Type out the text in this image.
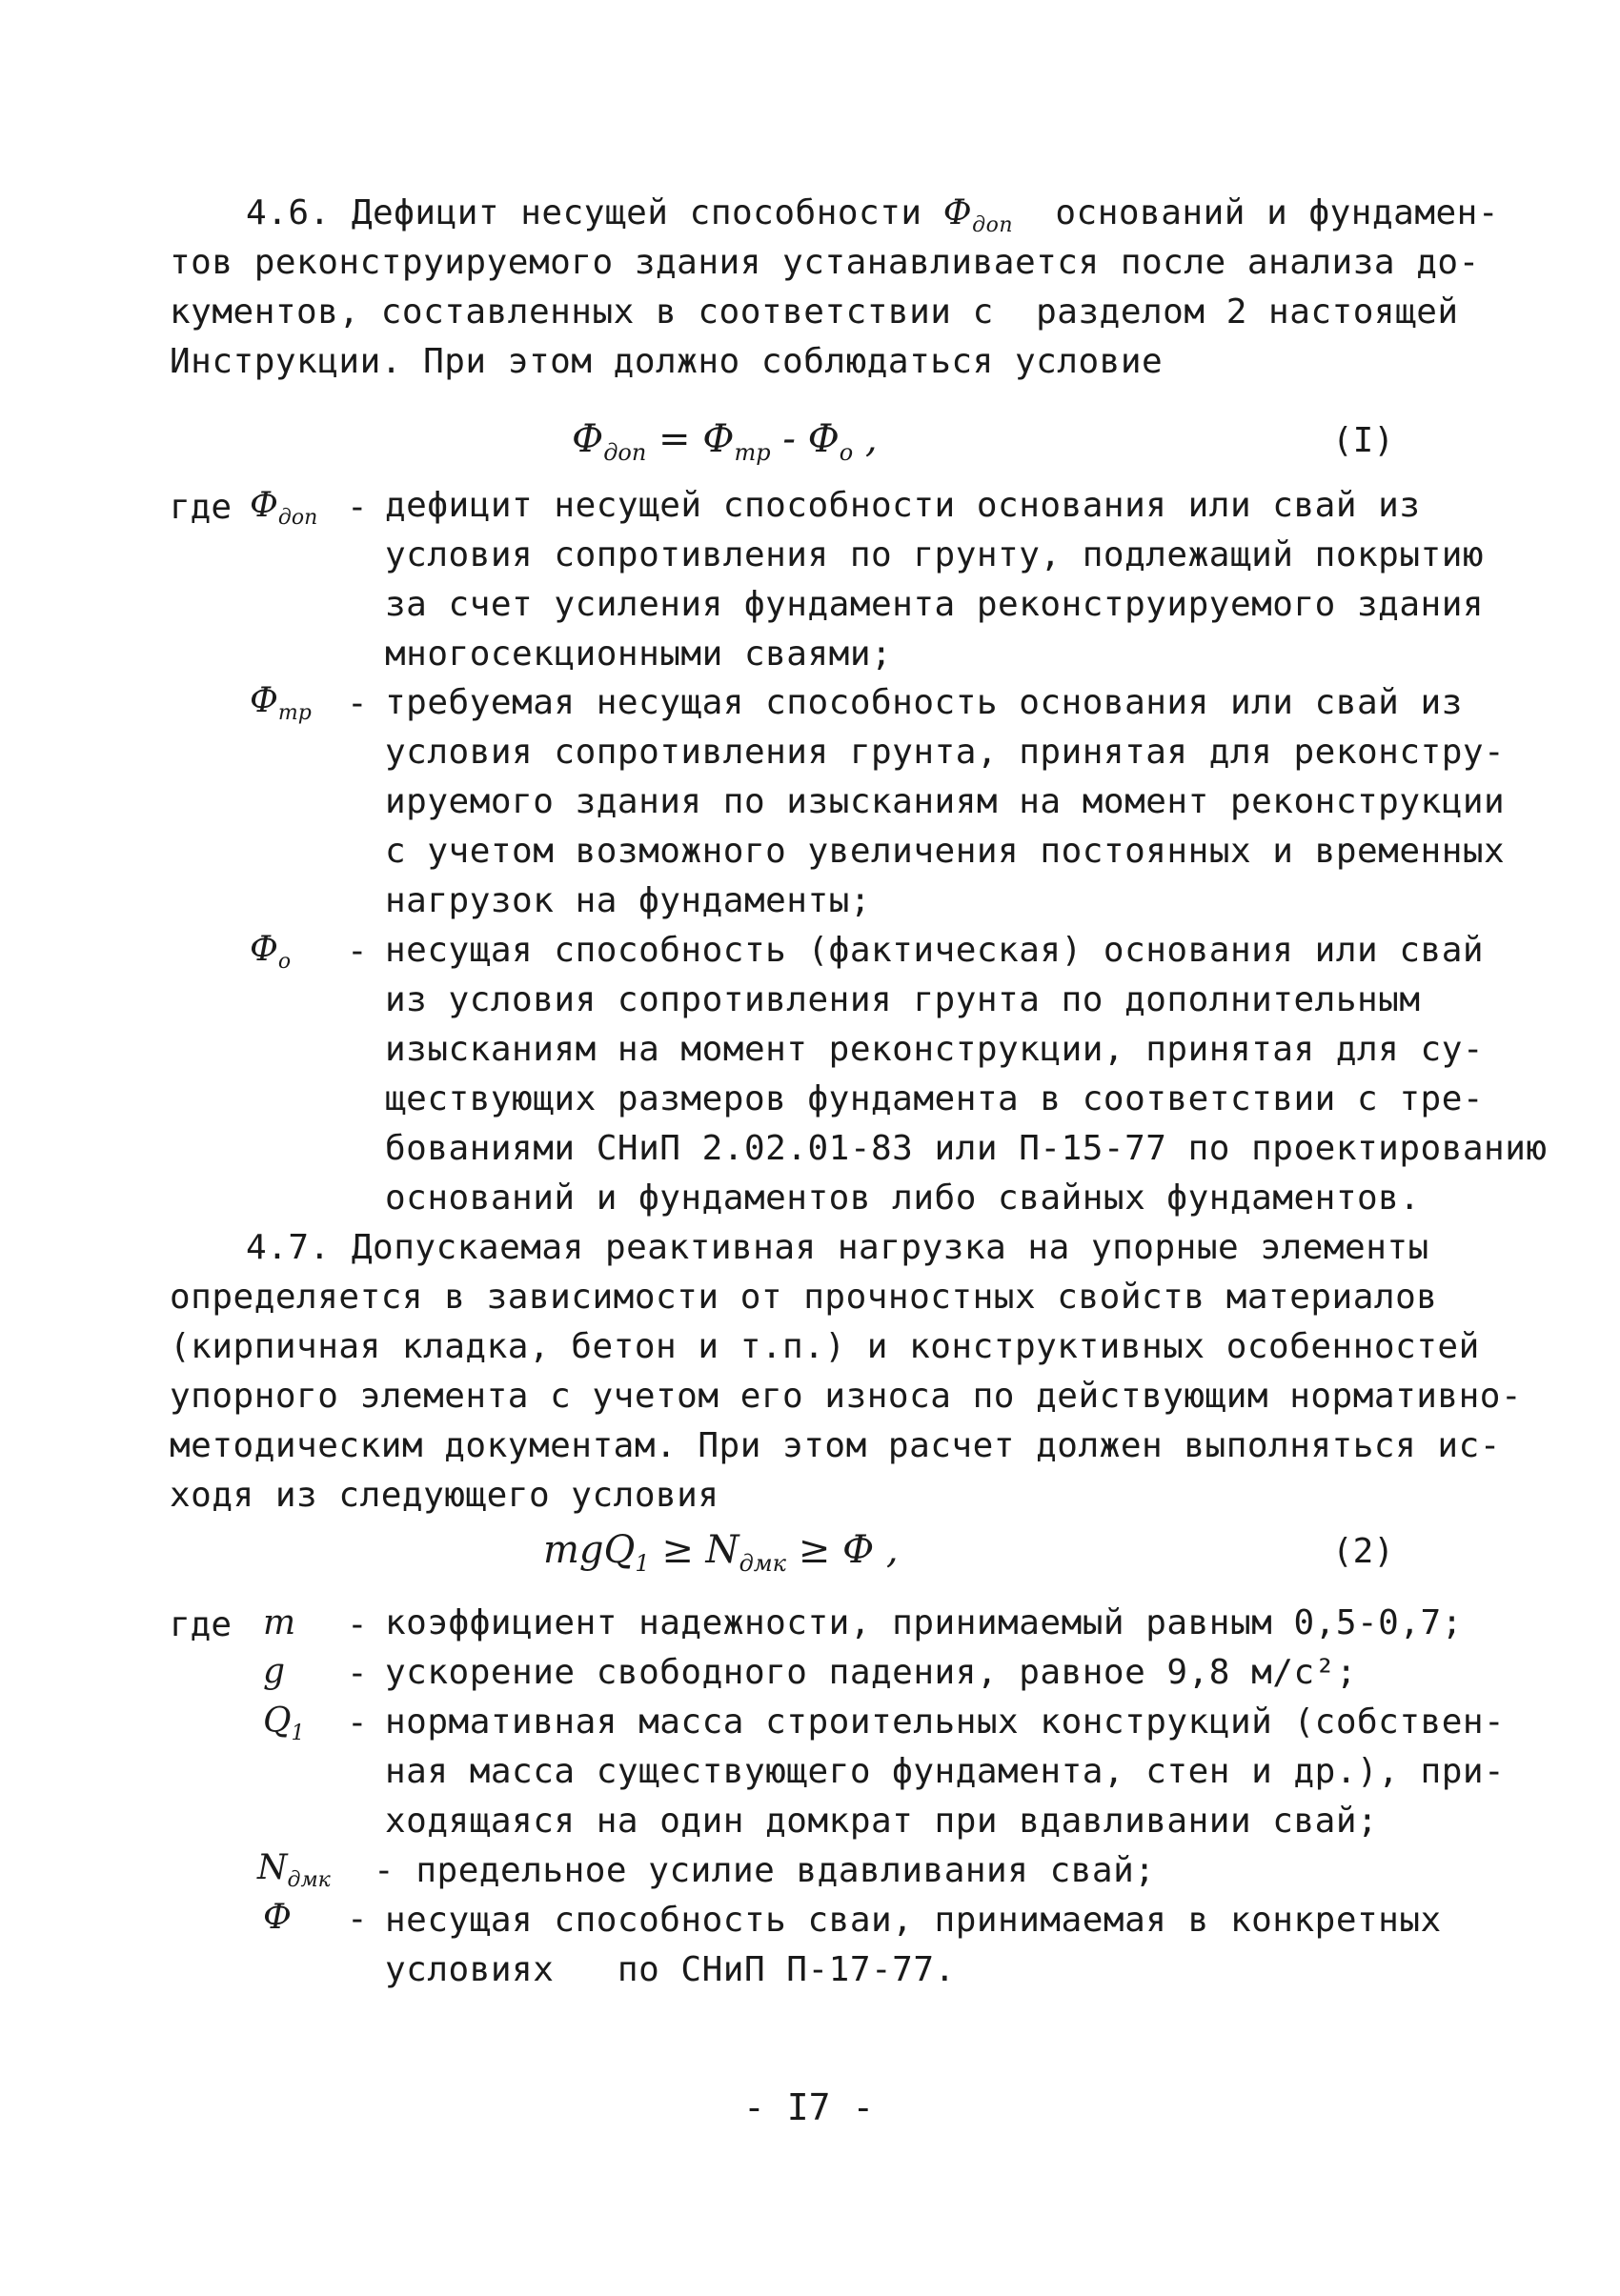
4.6. Дефицит несущей способности $Ф_{доп}$ оснований и фундамен-
тов реконструируемого здания устанавливается после анализа до-
кументов, составленных в соответствии с  разделом 2 настоящей
Инструкции. При этом должно соблюдаться условие
$Ф_{доп} = Ф_{тр} - Ф_о$ ,	(I)
где $Ф_{доп}$ - дефицит несущей способности основания или свай из
условия сопротивления по грунту, подлежащий покрытию
за счет усиления фундамента реконструируемого здания
многосекционными сваями;
$Ф_{тр}$ - требуемая несущая способность основания или свай из
условия сопротивления грунта, принятая для реконстру-
ируемого здания по изысканиям на момент реконструкции
с учетом возможного увеличения постоянных и временных
нагрузок на фундаменты;
$Ф_о$ - несущая способность (фактическая) основания или свай
из условия сопротивления грунта по дополнительным
изысканиям на момент реконструкции, принятая для су-
ществующих размеров фундамента в соответствии с тре-
бованиями СНиП 2.02.01-83 или П-15-77 по проектированию
оснований и фундаментов либо свайных фундаментов.
4.7. Допускаемая реактивная нагрузка на упорные элементы
определяется в зависимости от прочностных свойств материалов
(кирпичная кладка, бетон и т.п.) и конструктивных особенностей
упорного элемента с учетом его износа по действующим нормативно-
методическим документам. При этом расчет должен выполняться ис-
ходя из следующего условия
$mgQ_1 \ge N_{дмк} \ge Ф$ ,	(2)
где m - коэффициент надежности, принимаемый равным 0,5-0,7;
g - ускорение свободного падения, равное 9,8 м/с²;
$Q_1$ - нормативная масса строительных конструкций (собствен-
ная масса существующего фундамента, стен и др.), при-
ходящаяся на один домкрат при вдавливании свай;
$N_{дмк}$ - предельное усилие вдавливания свай;
Ф - несущая способность сваи, принимаемая в конкретных
условиях   по СНиП П-17-77.
- I7 -
